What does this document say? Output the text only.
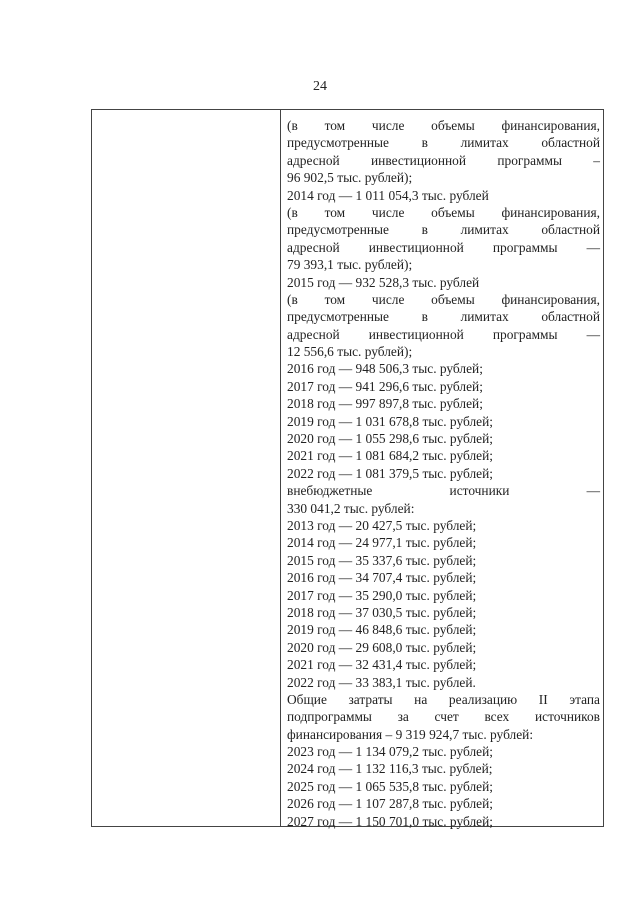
24
(в том числе объемы финансирования,
предусмотренные в лимитах областной
адресной инвестиционной программы –
96 902,5 тыс. рублей);
2014 год — 1 011 054,3 тыс. рублей
(в том числе объемы финансирования,
предусмотренные в лимитах областной
адресной инвестиционной программы —
79 393,1 тыс. рублей);
2015 год — 932 528,3 тыс. рублей
(в том числе объемы финансирования,
предусмотренные в лимитах областной
адресной инвестиционной программы —
12 556,6 тыс. рублей);
2016 год — 948 506,3 тыс. рублей;
2017 год — 941 296,6 тыс. рублей;
2018 год — 997 897,8 тыс. рублей;
2019 год — 1 031 678,8 тыс. рублей;
2020 год — 1 055 298,6 тыс. рублей;
2021 год — 1 081 684,2 тыс. рублей;
2022 год — 1 081 379,5 тыс. рублей;
внебюджетные	источники	—
330 041,2 тыс. рублей:
2013 год — 20 427,5 тыс. рублей;
2014 год — 24 977,1 тыс. рублей;
2015 год — 35 337,6 тыс. рублей;
2016 год — 34 707,4 тыс. рублей;
2017 год — 35 290,0 тыс. рублей;
2018 год — 37 030,5 тыс. рублей;
2019 год — 46 848,6 тыс. рублей;
2020 год — 29 608,0 тыс. рублей;
2021 год — 32 431,4 тыс. рублей;
2022 год — 33 383,1 тыс. рублей.
Общие затраты на реализацию II этапа
подпрограммы за счет всех источников
финансирования – 9 319 924,7 тыс. рублей:
2023 год — 1 134 079,2 тыс. рублей;
2024 год — 1 132 116,3 тыс. рублей;
2025 год — 1 065 535,8 тыс. рублей;
2026 год — 1 107 287,8 тыс. рублей;
2027 год — 1 150 701,0 тыс. рублей;
